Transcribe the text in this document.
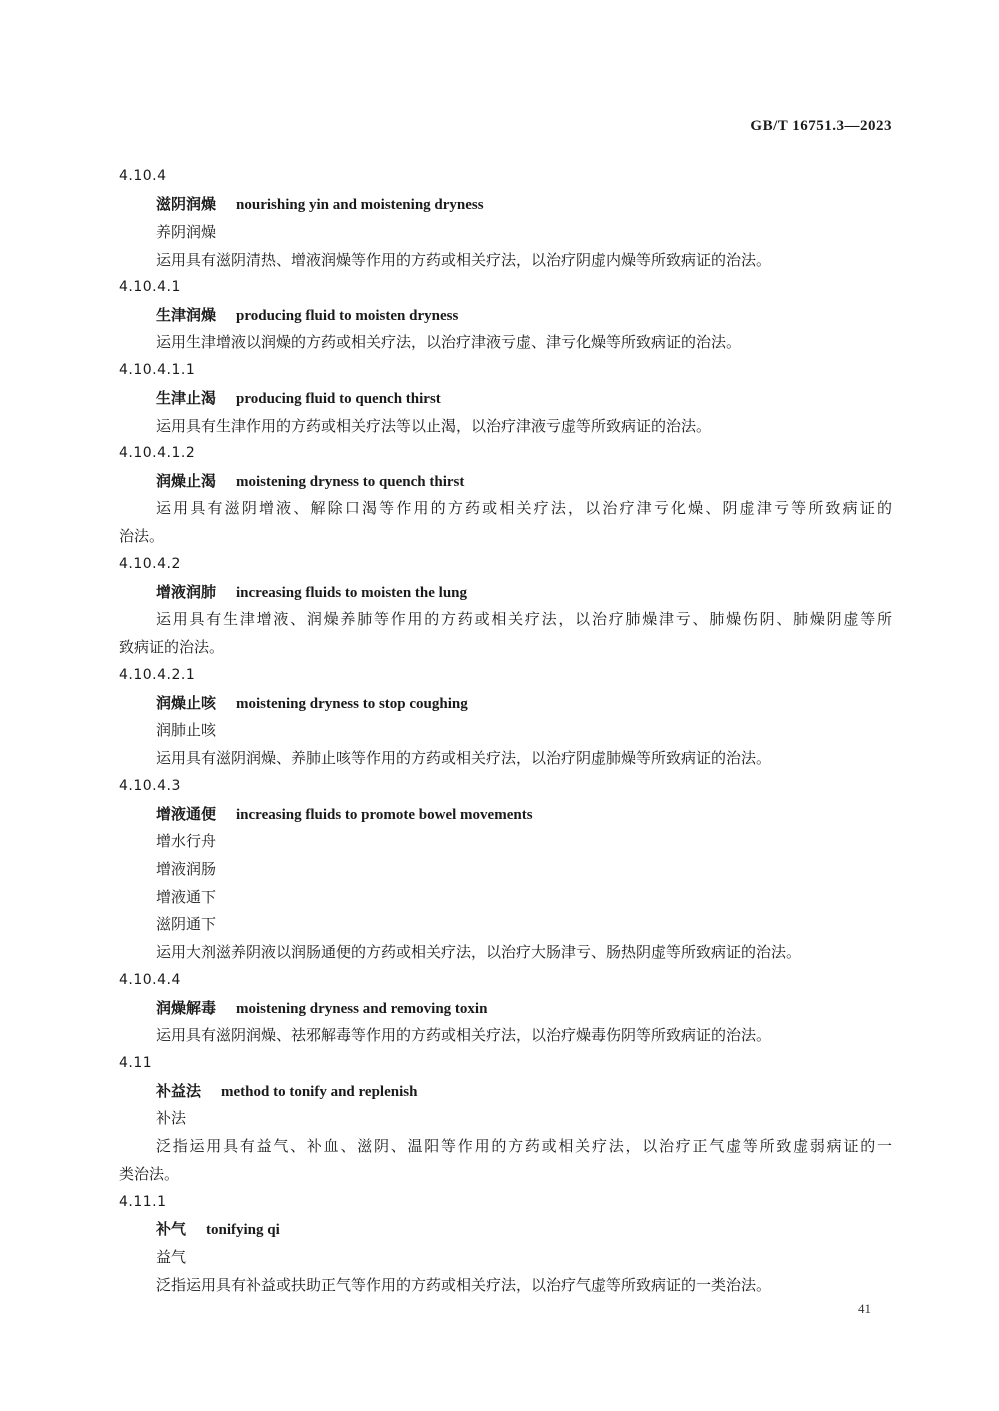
GB/T 16751.3—2023
4.10.4
滋阴润燥 nourishing yin and moistening dryness
养阴润燥
运用具有滋阴清热、增液润燥等作用的方药或相关疗法，以治疗阴虚内燥等所致病证的治法。
4.10.4.1
生津润燥 producing fluid to moisten dryness
运用生津增液以润燥的方药或相关疗法，以治疗津液亏虚、津亏化燥等所致病证的治法。
4.10.4.1.1
生津止渴 producing fluid to quench thirst
运用具有生津作用的方药或相关疗法等以止渴，以治疗津液亏虚等所致病证的治法。
4.10.4.1.2
润燥止渴 moistening dryness to quench thirst
运用具有滋阴增液、解除口渴等作用的方药或相关疗法，以治疗津亏化燥、阴虚津亏等所致病证的
治法。
4.10.4.2
增液润肺 increasing fluids to moisten the lung
运用具有生津增液、润燥养肺等作用的方药或相关疗法，以治疗肺燥津亏、肺燥伤阴、肺燥阴虚等所
致病证的治法。
4.10.4.2.1
润燥止咳 moistening dryness to stop coughing
润肺止咳
运用具有滋阴润燥、养肺止咳等作用的方药或相关疗法，以治疗阴虚肺燥等所致病证的治法。
4.10.4.3
增液通便 increasing fluids to promote bowel movements
增水行舟
增液润肠
增液通下
滋阴通下
运用大剂滋养阴液以润肠通便的方药或相关疗法，以治疗大肠津亏、肠热阴虚等所致病证的治法。
4.10.4.4
润燥解毒 moistening dryness and removing toxin
运用具有滋阴润燥、祛邪解毒等作用的方药或相关疗法，以治疗燥毒伤阴等所致病证的治法。
4.11
补益法 method to tonify and replenish
补法
泛指运用具有益气、补血、滋阴、温阳等作用的方药或相关疗法，以治疗正气虚等所致虚弱病证的一
类治法。
4.11.1
补气 tonifying qi
益气
泛指运用具有补益或扶助正气等作用的方药或相关疗法，以治疗气虚等所致病证的一类治法。
41
